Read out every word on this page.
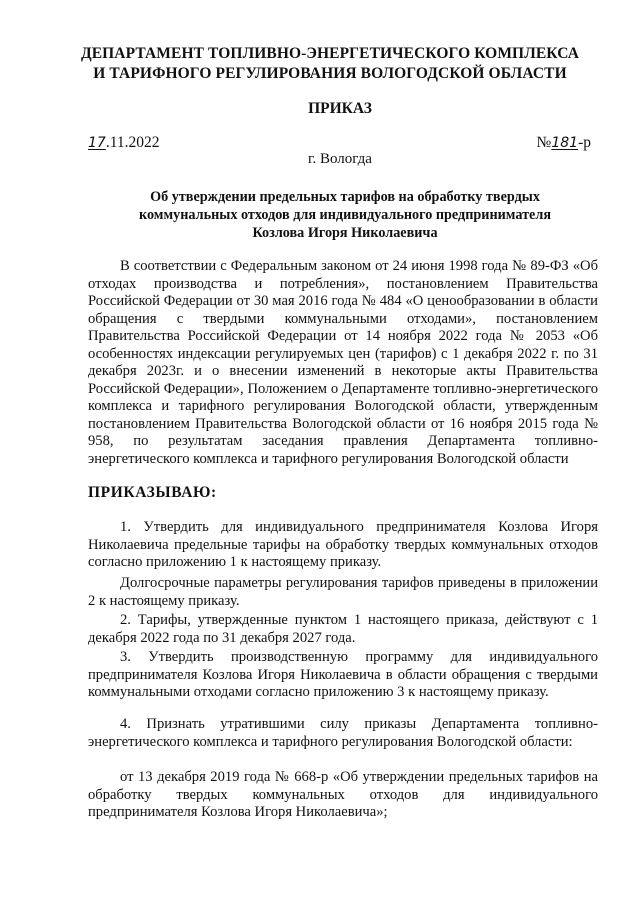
ДЕПАРТАМЕНТ ТОПЛИВНО-ЭНЕРГЕТИЧЕСКОГО КОМПЛЕКСА
И ТАРИФНОГО РЕГУЛИРОВАНИЯ ВОЛОГОДСКОЙ ОБЛАСТИ
ПРИКАЗ
17.11.2022	№181-р
г. Вологда
Об утверждении предельных тарифов на обработку твердых
коммунальных отходов для индивидуального предпринимателя
Козлова Игоря Николаевича

В соответствии с Федеральным законом от 24 июня 1998 года № 89-ФЗ «Об отходах производства и потребления», постановлением Правительства Российской Федерации от 30 мая 2016 года № 484 «О ценообразовании в области обращения с твердыми коммунальными отходами», постановлением Правительства Российской Федерации от 14 ноября 2022 года № 2053 «Об особенностях индексации регулируемых цен (тарифов) с 1 декабря 2022 г. по 31 декабря 2023г. и о внесении изменений в некоторые акты Правительства Российской Федерации», Положением о Департаменте топливно-энергетического комплекса и тарифного регулирования Вологодской области, утвержденным постановлением Правительства Вологодской области от 16 ноября 2015 года № 958, по результатам заседания правления Департамента топливно-энергетического комплекса и тарифного регулирования Вологодской области

ПРИКАЗЫВАЮ:

1. Утвердить для индивидуального предпринимателя Козлова Игоря Николаевича предельные тарифы на обработку твердых коммунальных отходов согласно приложению 1 к настоящему приказу.

Долгосрочные параметры регулирования тарифов приведены в приложении 2 к настоящему приказу.

2. Тарифы, утвержденные пунктом 1 настоящего приказа, действуют с 1 декабря 2022 года по 31 декабря 2027 года.

3. Утвердить производственную программу для индивидуального предпринимателя Козлова Игоря Николаевича в области обращения с твердыми коммунальными отходами согласно приложению 3 к настоящему приказу.

4. Признать утратившими силу приказы Департамента топливно-энергетического комплекса и тарифного регулирования Вологодской области:

от 13 декабря 2019 года № 668-р «Об утверждении предельных тарифов на обработку твердых коммунальных отходов для индивидуального предпринимателя Козлова Игоря Николаевича»;
